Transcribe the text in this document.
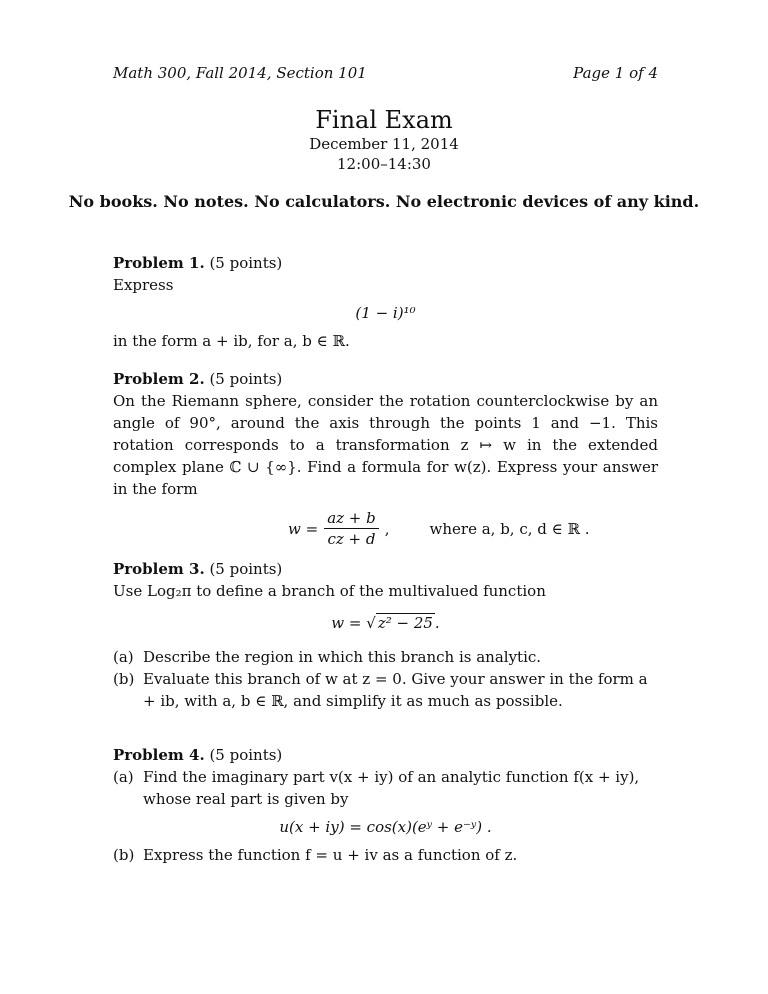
Math 300, Fall 2014, Section 101	Page 1 of 4
Final Exam
December 11, 2014
12:00–14:30
No books. No notes. No calculators. No electronic devices of any kind.
Problem 1. (5 points)
Express
(1 − i)¹⁰
in the form a + ib, for a, b ∈ ℝ.
Problem 2. (5 points)
On the Riemann sphere, consider the rotation counterclockwise by an angle of 90°, around the axis through the points 1 and −1. This rotation corresponds to a transformation z ↦ w in the extended complex plane ℂ ∪ {∞}. Find a formula for w(z). Express your answer in the form
$w = \frac{az + b}{cz + d}$ ,	where a, b, c, d ∈ ℝ .
Problem 3. (5 points)
Use Log₂π to define a branch of the multivalued function
w = √ z² − 25 .
(a) Describe the region in which this branch is analytic.
(b) Evaluate this branch of w at z = 0. Give your answer in the form a + ib, with a, b ∈ ℝ, and simplify it as much as possible.
Problem 4. (5 points)
(a) Find the imaginary part v(x + iy) of an analytic function f(x + iy), whose real part is given by
u(x + iy) = cos(x)(eʸ + e⁻ʸ) .
(b) Express the function f = u + iv as a function of z.
